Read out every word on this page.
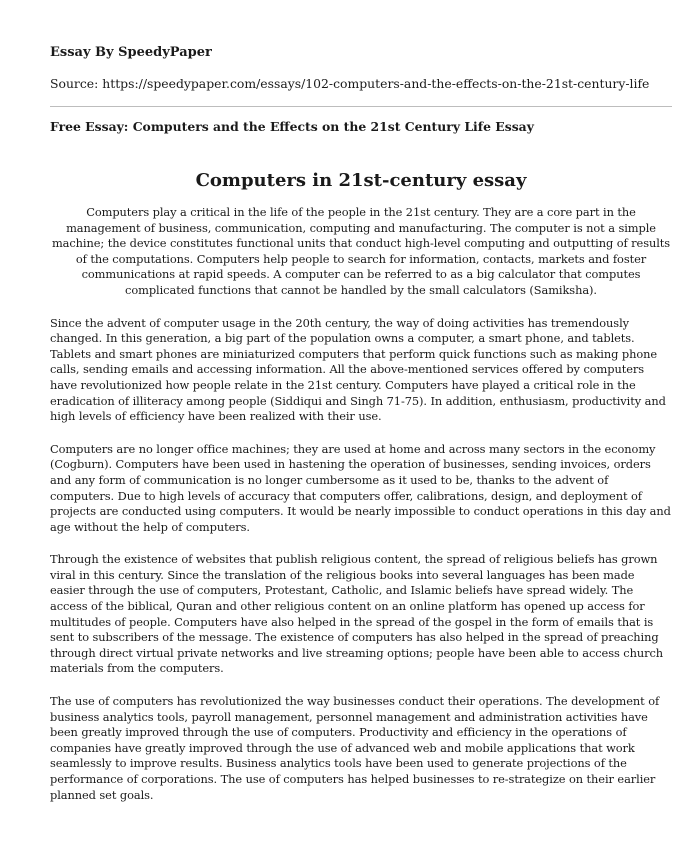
Essay By SpeedyPaper
Source: https://speedypaper.com/essays/102-computers-and-the-effects-on-the-21st-century-life
Free Essay: Computers and the Effects on the 21st Century Life Essay
Computers in 21st-century essay
Computers play a critical in the life of the people in the 21st century. They are a core part in the management of business, communication, computing and manufacturing. The computer is not a simple machine; the device constitutes functional units that conduct high-level computing and outputting of results of the computations. Computers help people to search for information, contacts, markets and foster communications at rapid speeds. A computer can be referred to as a big calculator that computes complicated functions that cannot be handled by the small calculators (Samiksha).
Since the advent of computer usage in the 20th century, the way of doing activities has tremendously changed. In this generation, a big part of the population owns a computer, a smart phone, and tablets. Tablets and smart phones are miniaturized computers that perform quick functions such as making phone calls, sending emails and accessing information. All the above-mentioned services offered by computers have revolutionized how people relate in the 21st century. Computers have played a critical role in the eradication of illiteracy among people (Siddiqui and Singh 71-75). In addition, enthusiasm, productivity and high levels of efficiency have been realized with their use.
Computers are no longer office machines; they are used at home and across many sectors in the economy (Cogburn). Computers have been used in hastening the operation of businesses, sending invoices, orders and any form of communication is no longer cumbersome as it used to be, thanks to the advent of computers. Due to high levels of accuracy that computers offer, calibrations, design, and deployment of projects are conducted using computers. It would be nearly impossible to conduct operations in this day and age without the help of computers.
Through the existence of websites that publish religious content, the spread of religious beliefs has grown viral in this century. Since the translation of the religious books into several languages has been made easier through the use of computers, Protestant, Catholic, and Islamic beliefs have spread widely. The access of the biblical, Quran and other religious content on an online platform has opened up access for multitudes of people. Computers have also helped in the spread of the gospel in the form of emails that is sent to subscribers of the message. The existence of computers has also helped in the spread of preaching through direct virtual private networks and live streaming options; people have been able to access church materials from the computers.
The use of computers has revolutionized the way businesses conduct their operations. The development of business analytics tools, payroll management, personnel management and administration activities have been greatly improved through the use of computers. Productivity and efficiency in the operations of companies have greatly improved through the use of advanced web and mobile applications that work seamlessly to improve results. Business analytics tools have been used to generate projections of the performance of corporations. The use of computers has helped businesses to re-strategize on their earlier planned set goals.
